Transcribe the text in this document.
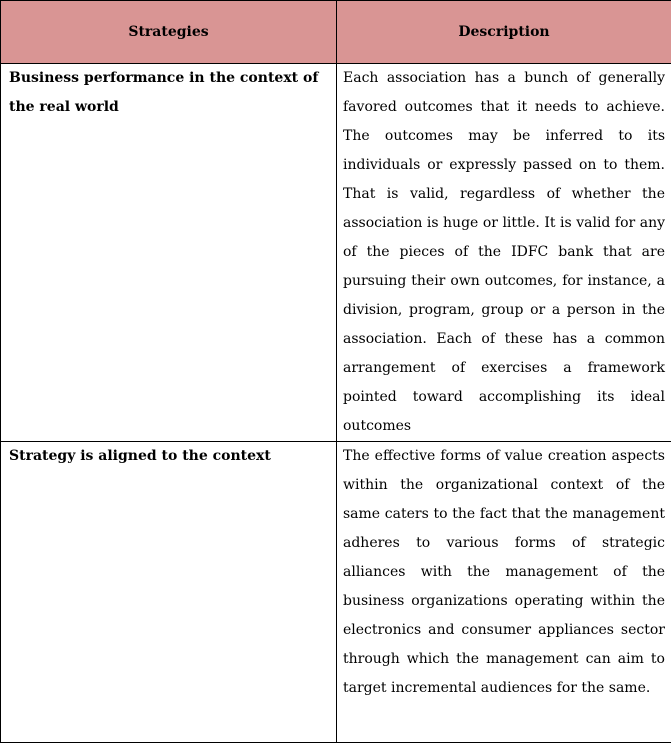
Strategies	Description

Business performance in the context of the real world	Each association has a bunch of generally favored outcomes that it needs to achieve. The outcomes may be inferred to its individuals or expressly passed on to them. That is valid, regardless of whether the association is huge or little. It is valid for any of the pieces of the IDFC bank that are pursuing their own outcomes, for instance, a division, program, group or a person in the association. Each of these has a common arrangement of exercises a framework pointed toward accomplishing its ideal outcomes

Strategy is aligned to the context	The effective forms of value creation aspects within the organizational context of the same caters to the fact that the management adheres to various forms of strategic alliances with the management of the business organizations operating within the electronics and consumer appliances sector through which the management can aim to target incremental audiences for the same.
